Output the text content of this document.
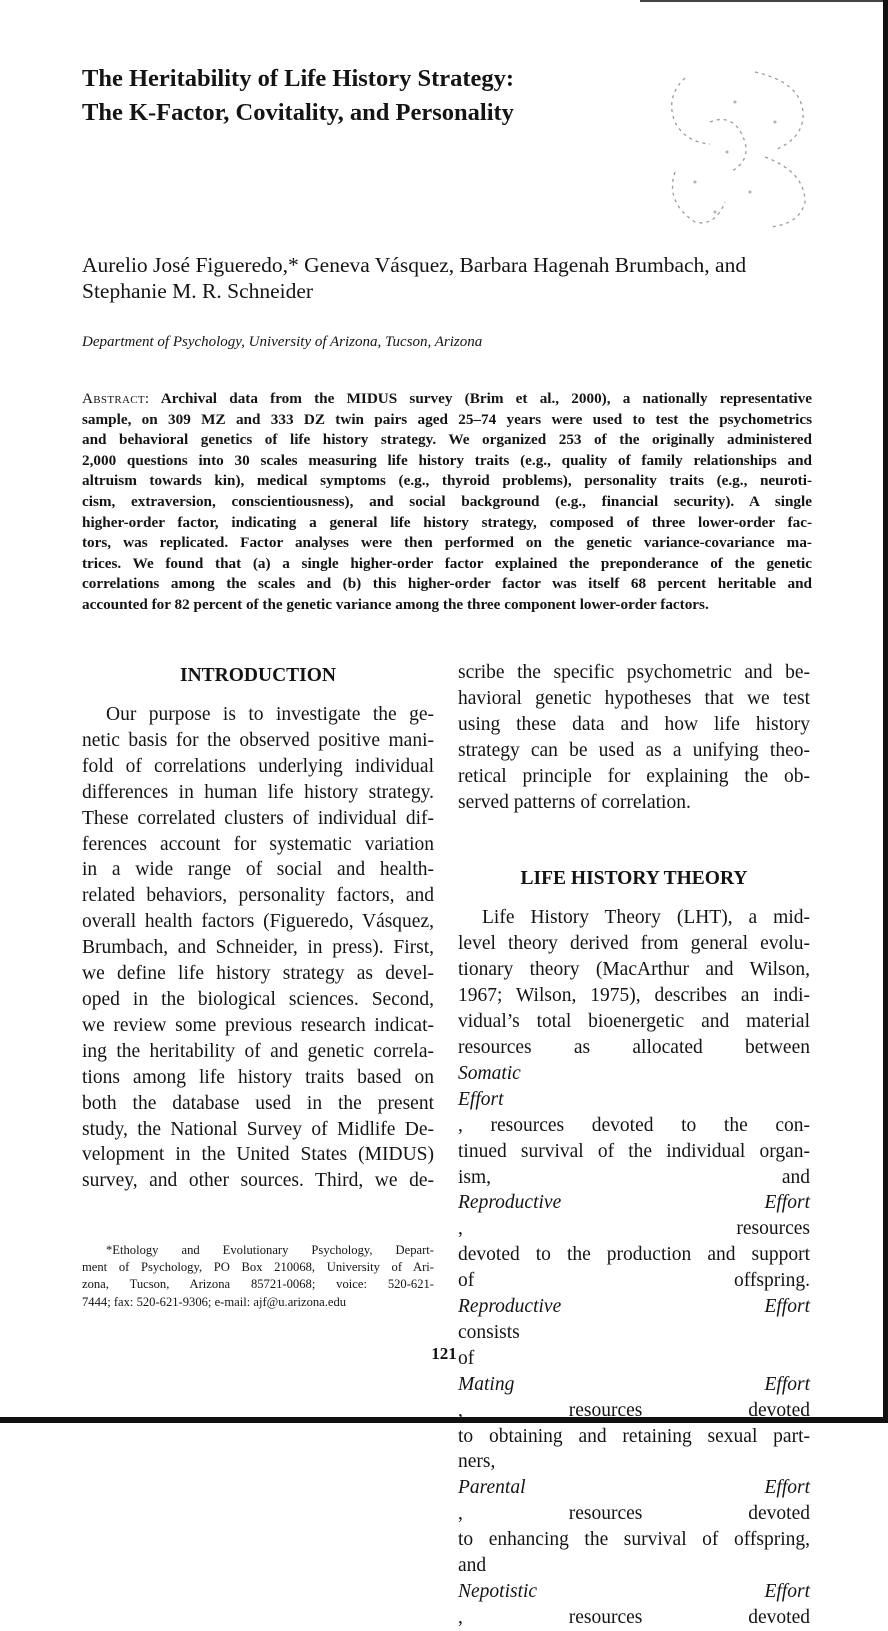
The Heritability of Life History Strategy:
The K-Factor, Covitality, and Personality

Aurelio José Figueredo,* Geneva Vásquez, Barbara Hagenah Brumbach, and
Stephanie M. R. Schneider

Department of Psychology, University of Arizona, Tucson, Arizona

Abstract: Archival data from the MIDUS survey (Brim et al., 2000), a nationally representative
sample, on 309 MZ and 333 DZ twin pairs aged 25–74 years were used to test the psychometrics
and behavioral genetics of life history strategy. We organized 253 of the originally administered
2,000 questions into 30 scales measuring life history traits (e.g., quality of family relationships and
altruism towards kin), medical symptoms (e.g., thyroid problems), personality traits (e.g., neuroti-
cism, extraversion, conscientiousness), and social background (e.g., financial security). A single
higher-order factor, indicating a general life history strategy, composed of three lower-order fac-
tors, was replicated. Factor analyses were then performed on the genetic variance-covariance ma-
trices. We found that (a) a single higher-order factor explained the preponderance of the genetic
correlations among the scales and (b) this higher-order factor was itself 68 percent heritable and
accounted for 82 percent of the genetic variance among the three component lower-order factors.
INTRODUCTION
Our purpose is to investigate the ge-
netic basis for the observed positive mani-
fold of correlations underlying individual
differences in human life history strategy.
These correlated clusters of individual dif-
ferences account for systematic variation
in a wide range of social and health-
related behaviors, personality factors, and
overall health factors (Figueredo, Vásquez,
Brumbach, and Schneider, in press). First,
we define life history strategy as devel-
oped in the biological sciences. Second,
we review some previous research indicat-
ing the heritability of and genetic correla-
tions among life history traits based on
both the database used in the present
study, the National Survey of Midlife De-
velopment in the United States (MIDUS)
survey, and other sources. Third, we de-
scribe the specific psychometric and be-
havioral genetic hypotheses that we test
using these data and how life history
strategy can be used as a unifying theo-
retical principle for explaining the ob-
served patterns of correlation.
LIFE HISTORY THEORY
Life History Theory (LHT), a mid-
level theory derived from general evolu-
tionary theory (MacArthur and Wilson,
1967; Wilson, 1975), describes an indi-
vidual’s total bioenergetic and material
resources as allocated between
Somatic
Effort
, resources devoted to the con-
tinued survival of the individual organ-
ism, and
Reproductive Effort
, resources
devoted to the production and support
of offspring.
Reproductive Effort
consists
of
Mating	Effort
, resources devoted
to obtaining and retaining sexual part-
ners,
Parental Effort
, resources devoted
to enhancing the survival of offspring,
and
Nepotistic Effort
, resources devoted
*Ethology and Evolutionary Psychology, Depart-
ment of Psychology, PO Box 210068, University of Ari-
zona, Tucson, Arizona 85721-0068; voice: 520-621-
7444; fax: 520-621-9306; e-mail: ajf@u.arizona.edu

121
